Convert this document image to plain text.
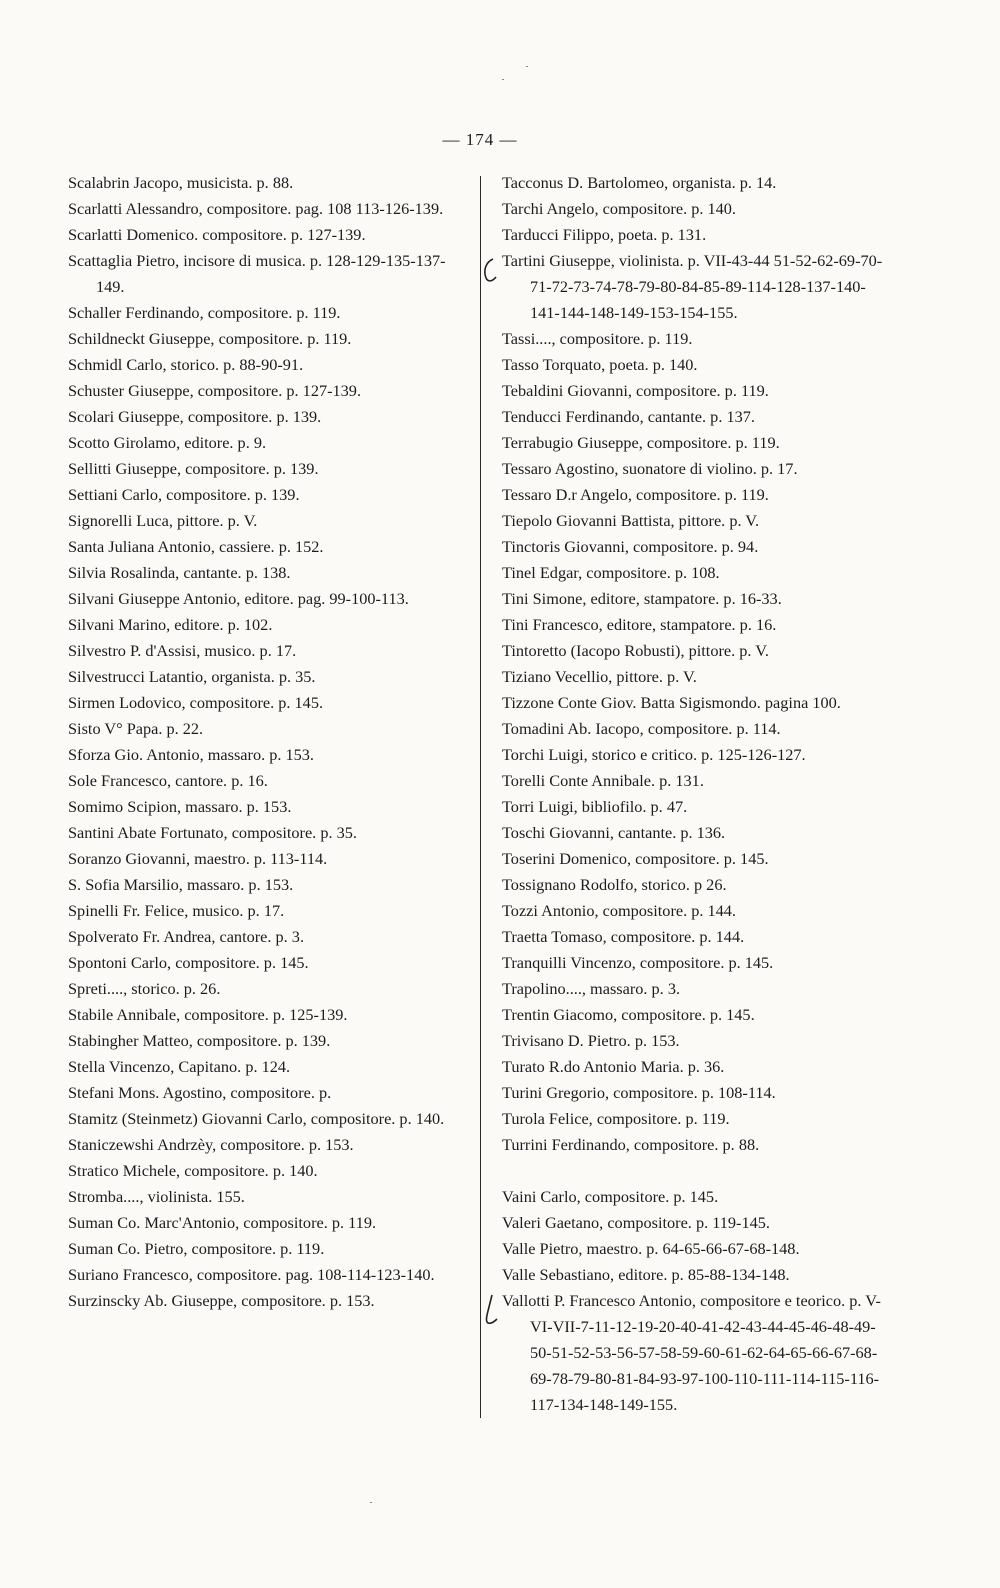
— 174 —
Scalabrin Jacopo, musicista. p. 88.
Scarlatti Alessandro, compositore. pag. 108 113-126-139.
Scarlatti Domenico. compositore. p. 127-139.
Scattaglia Pietro, incisore di musica. p. 128-129-135-137-149.
Schaller Ferdinando, compositore. p. 119.
Schildneckt Giuseppe, compositore. p. 119.
Schmidl Carlo, storico. p. 88-90-91.
Schuster Giuseppe, compositore. p. 127-139.
Scolari Giuseppe, compositore. p. 139.
Scotto Girolamo, editore. p. 9.
Sellitti Giuseppe, compositore. p. 139.
Settiani Carlo, compositore. p. 139.
Signorelli Luca, pittore. p. V.
Santa Juliana Antonio, cassiere. p. 152.
Silvia Rosalinda, cantante. p. 138.
Silvani Giuseppe Antonio, editore. pag. 99-100-113.
Silvani Marino, editore. p. 102.
Silvestro P. d'Assisi, musico. p. 17.
Silvestrucci Latantio, organista. p. 35.
Sirmen Lodovico, compositore. p. 145.
Sisto V° Papa. p. 22.
Sforza Gio. Antonio, massaro. p. 153.
Sole Francesco, cantore. p. 16.
Somimo Scipion, massaro. p. 153.
Santini Abate Fortunato, compositore. p. 35.
Soranzo Giovanni, maestro. p. 113-114.
S. Sofia Marsilio, massaro. p. 153.
Spinelli Fr. Felice, musico. p. 17.
Spolverato Fr. Andrea, cantore. p. 3.
Spontoni Carlo, compositore. p. 145.
Spreti...., storico. p. 26.
Stabile Annibale, compositore. p. 125-139.
Stabingher Matteo, compositore. p. 139.
Stella Vincenzo, Capitano. p. 124.
Stefani Mons. Agostino, compositore. p.
Stamitz (Steinmetz) Giovanni Carlo, compositore. p. 140.
Staniczewshi Andrzèy, compositore. p. 153.
Stratico Michele, compositore. p. 140.
Stromba...., violinista. 155.
Suman Co. Marc'Antonio, compositore. p. 119.
Suman Co. Pietro, compositore. p. 119.
Suriano Francesco, compositore. pag. 108-114-123-140.
Surzinscky Ab. Giuseppe, compositore. p. 153.
Tacconus D. Bartolomeo, organista. p. 14.
Tarchi Angelo, compositore. p. 140.
Tarducci Filippo, poeta. p. 131.
Tartini Giuseppe, violinista. p. VII-43-44 51-52-62-69-70-71-72-73-74-78-79-80-84-85-89-114-128-137-140-141-144-148-149-153-154-155.
Tassi...., compositore. p. 119.
Tasso Torquato, poeta. p. 140.
Tebaldini Giovanni, compositore. p. 119.
Tenducci Ferdinando, cantante. p. 137.
Terrabugio Giuseppe, compositore. p. 119.
Tessaro Agostino, suonatore di violino. p. 17.
Tessaro D.r Angelo, compositore. p. 119.
Tiepolo Giovanni Battista, pittore. p. V.
Tinctoris Giovanni, compositore. p. 94.
Tinel Edgar, compositore. p. 108.
Tini Simone, editore, stampatore. p. 16-33.
Tini Francesco, editore, stampatore. p. 16.
Tintoretto (Iacopo Robusti), pittore. p. V.
Tiziano Vecellio, pittore. p. V.
Tizzone Conte Giov. Batta Sigismondo. pagina 100.
Tomadini Ab. Iacopo, compositore. p. 114.
Torchi Luigi, storico e critico. p. 125-126-127.
Torelli Conte Annibale. p. 131.
Torri Luigi, bibliofilo. p. 47.
Toschi Giovanni, cantante. p. 136.
Toserini Domenico, compositore. p. 145.
Tossignano Rodolfo, storico. p 26.
Tozzi Antonio, compositore. p. 144.
Traetta Tomaso, compositore. p. 144.
Tranquilli Vincenzo, compositore. p. 145.
Trapolino...., massaro. p. 3.
Trentin Giacomo, compositore. p. 145.
Trivisano D. Pietro. p. 153.
Turato R.do Antonio Maria. p. 36.
Turini Gregorio, compositore. p. 108-114.
Turola Felice, compositore. p. 119.
Turrini Ferdinando, compositore. p. 88.
Vaini Carlo, compositore. p. 145.
Valeri Gaetano, compositore. p. 119-145.
Valle Pietro, maestro. p. 64-65-66-67-68-148.
Valle Sebastiano, editore. p. 85-88-134-148.
Vallotti P. Francesco Antonio, compositore e teorico. p. V-VI-VII-7-11-12-19-20-40-41-42-43-44-45-46-48-49-50-51-52-53-56-57-58-59-60-61-62-64-65-66-67-68-69-78-79-80-81-84-93-97-100-110-111-114-115-116-117-134-148-149-155.
